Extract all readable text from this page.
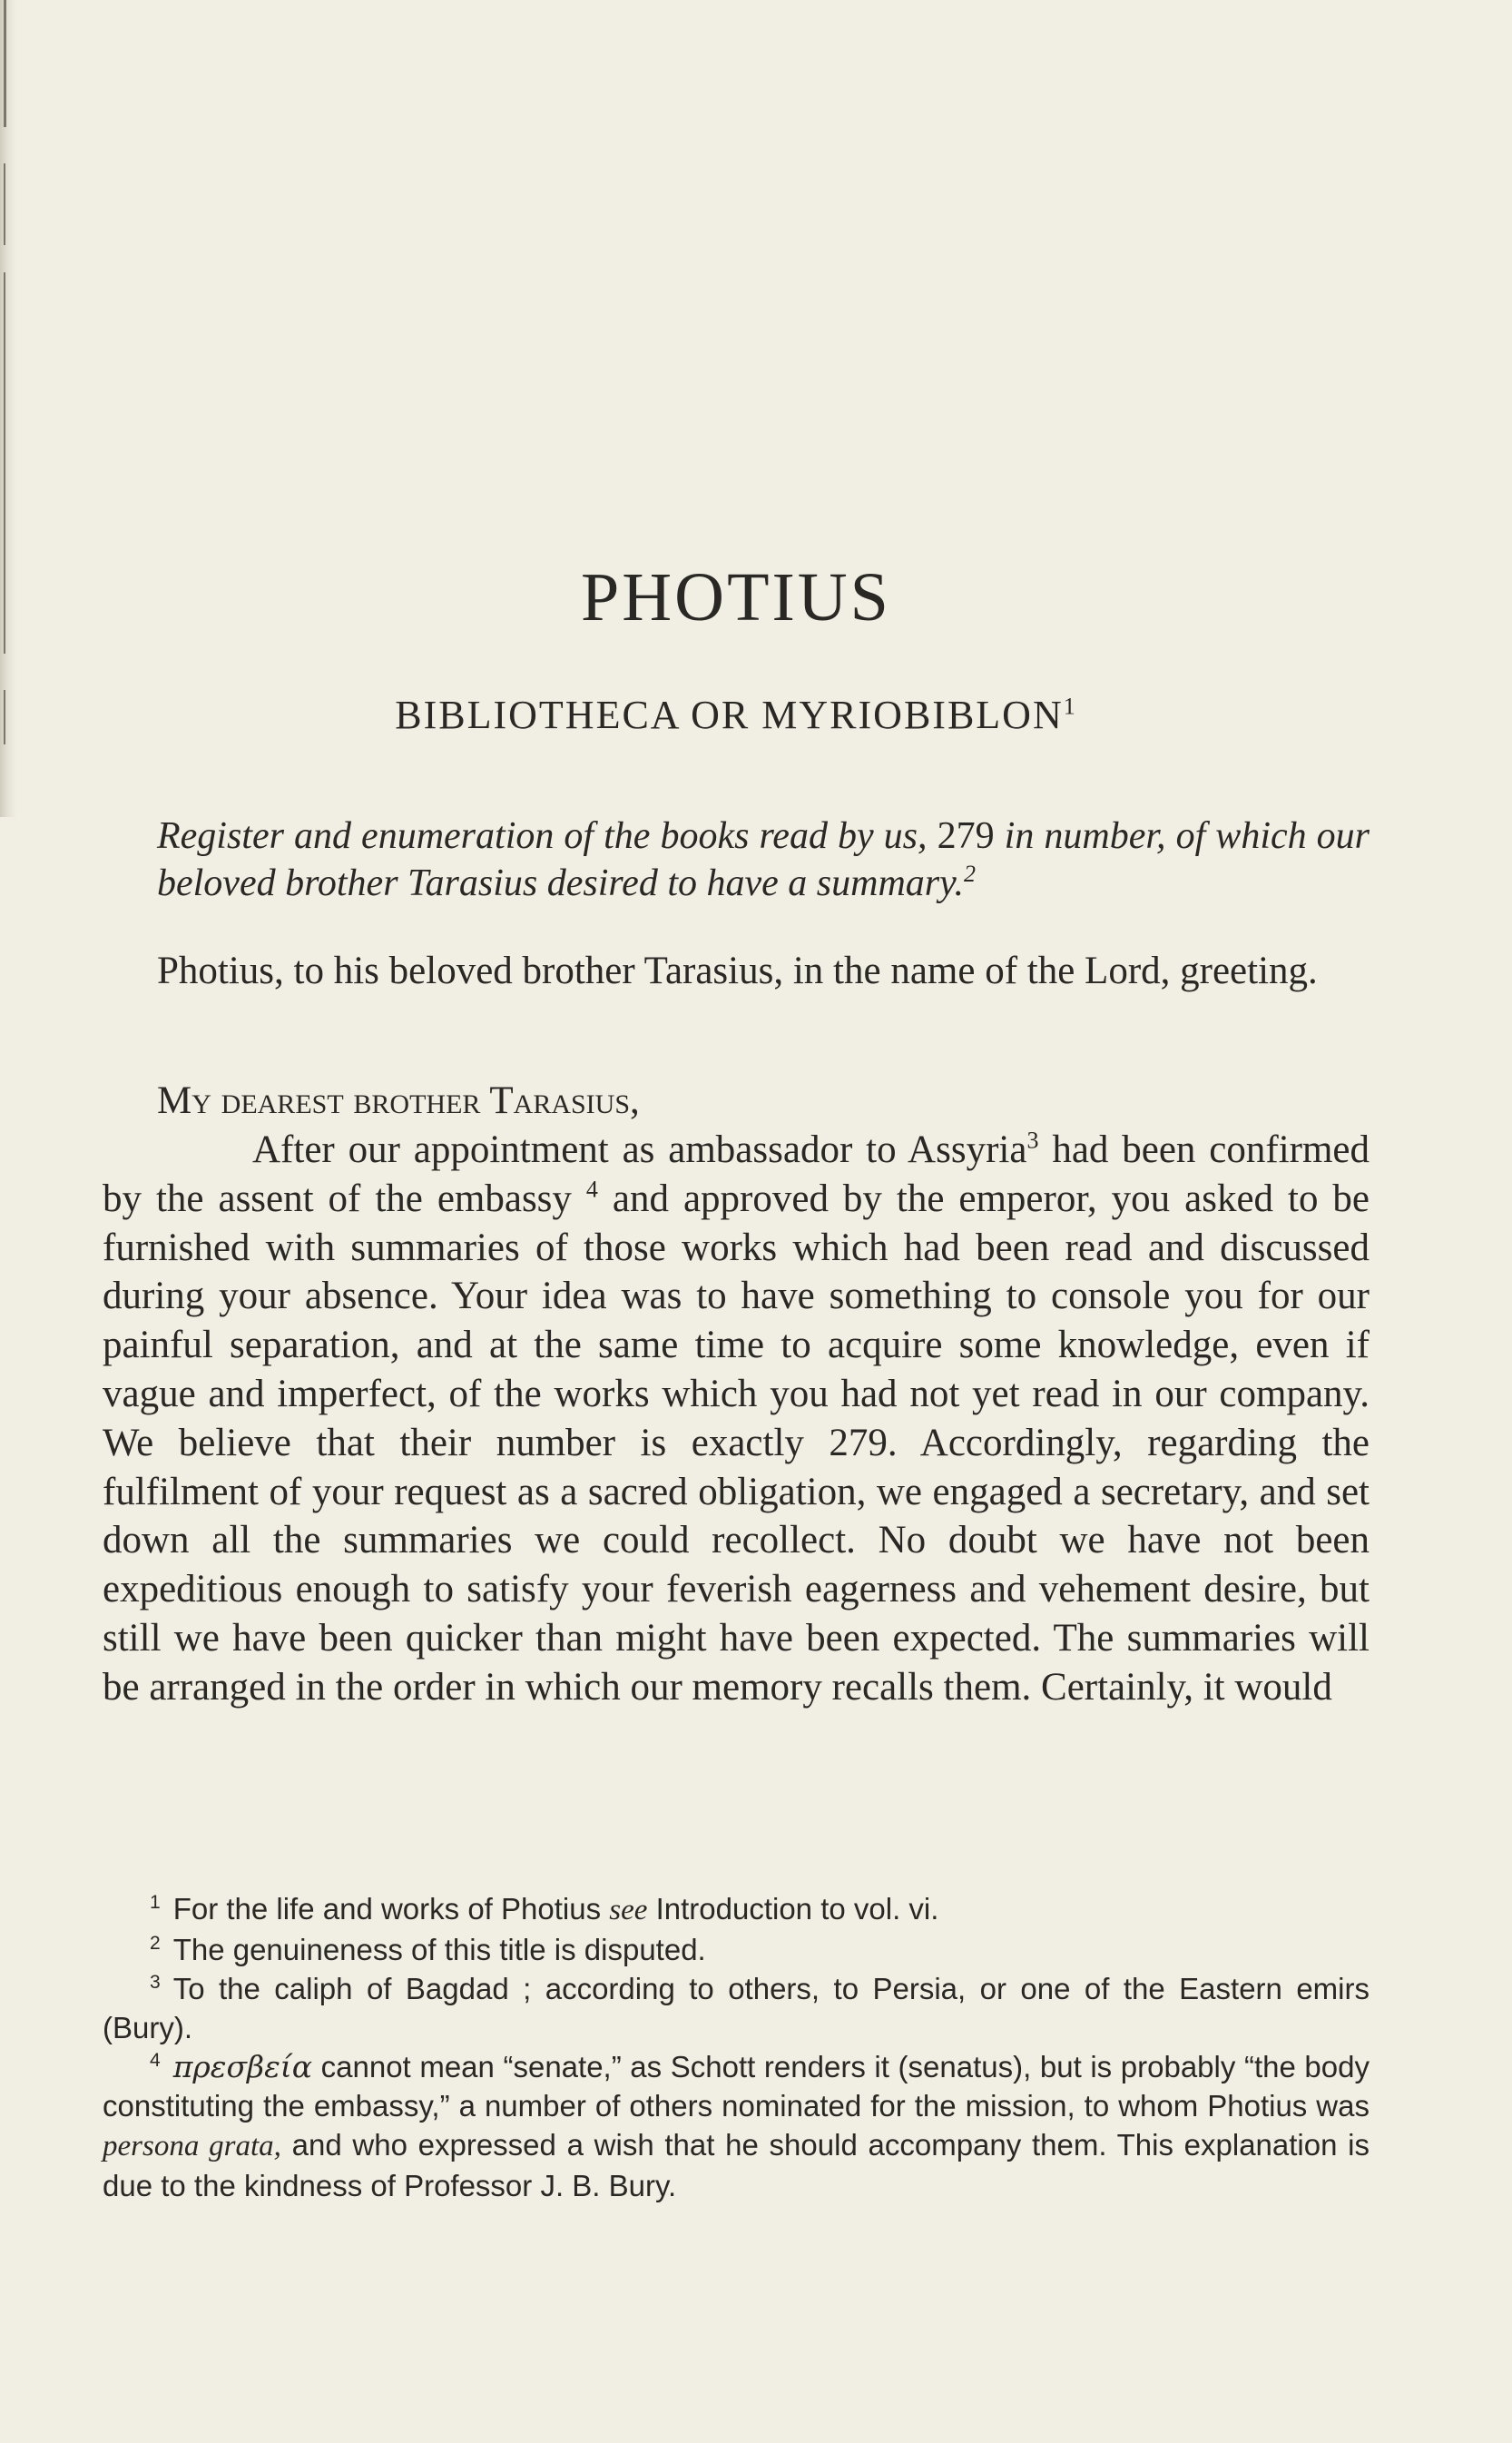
PHOTIUS
BIBLIOTHECA OR MYRIOBIBLON$^1$
Register and enumeration of the books read by us, 279 in number, of which our beloved brother Tarasius desired to have a summary.$^2$
Photius, to his beloved brother Tarasius, in the name of the Lord, greeting.
My dearest brother Tarasius,

After our appointment as ambassador to Assyria$^3$ had been confirmed by the assent of the embassy $^4$ and approved by the emperor, you asked to be furnished with summaries of those works which had been read and discussed during your absence. Your idea was to have something to console you for our painful separation, and at the same time to acquire some knowledge, even if vague and imperfect, of the works which you had not yet read in our company. We believe that their number is exactly 279. Accordingly, regarding the fulfilment of your request as a sacred obligation, we engaged a secretary, and set down all the summaries we could recollect. No doubt we have not been expeditious enough to satisfy your feverish eagerness and vehement desire, but still we have been quicker than might have been expected. The summaries will be arranged in the order in which our memory recalls them. Certainly, it would

$^1$ For the life and works of Photius see Introduction to vol. vi.

$^2$ The genuineness of this title is disputed.

$^3$ To the caliph of Bagdad ; according to others, to Persia, or one of the Eastern emirs (Bury).

$^4$ πρεσβεία cannot mean “senate,” as Schott renders it (senatus), but is probably “the body constituting the embassy,” a number of others nominated for the mission, to whom Photius was persona grata, and who expressed a wish that he should accompany them. This explanation is due to the kindness of Professor J. B. Bury.
